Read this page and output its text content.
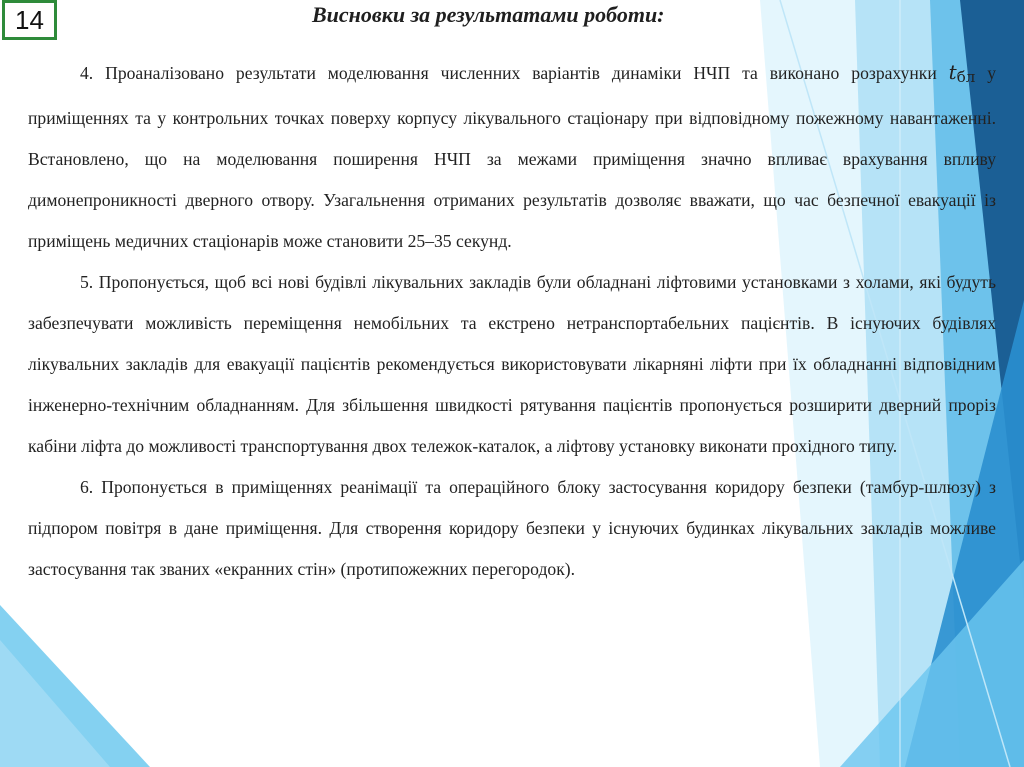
14	Висновки за результатами роботи:

4. Проаналізовано результати моделювання численних варіантів динаміки НЧП та виконано розрахунки $t_{бл}$ у приміщеннях та у контрольних точках поверху корпусу лікувального стаціонару при відповідному пожежному навантаженні. Встановлено, що на моделювання поширення НЧП за межами приміщення значно впливає врахування впливу димонепроникності дверного отвору. Узагальнення отриманих результатів дозволяє вважати, що час безпечної евакуації із приміщень медичних стаціонарів може становити 25–35 секунд.

5. Пропонується, щоб всі нові будівлі лікувальних закладів були обладнані ліфтовими установками з холами, які будуть забезпечувати можливість переміщення немобільних та екстрено нетранспортабельних пацієнтів. В існуючих будівлях лікувальних закладів для евакуації пацієнтів рекомендується використовувати лікарняні ліфти при їх обладнанні відповідним інженерно-технічним обладнанням. Для збільшення швидкості рятування пацієнтів пропонується розширити дверний проріз кабіни ліфта до можливості транспортування двох тележок-каталок, а ліфтову установку виконати прохідного типу.

6. Пропонується в приміщеннях реанімації та операційного блоку застосування коридору безпеки (тамбур-шлюзу) з підпором повітря в дане приміщення. Для створення коридору безпеки у існуючих будинках лікувальних закладів можливе застосування так званих «екранних стін» (протипожежних перегородок).
